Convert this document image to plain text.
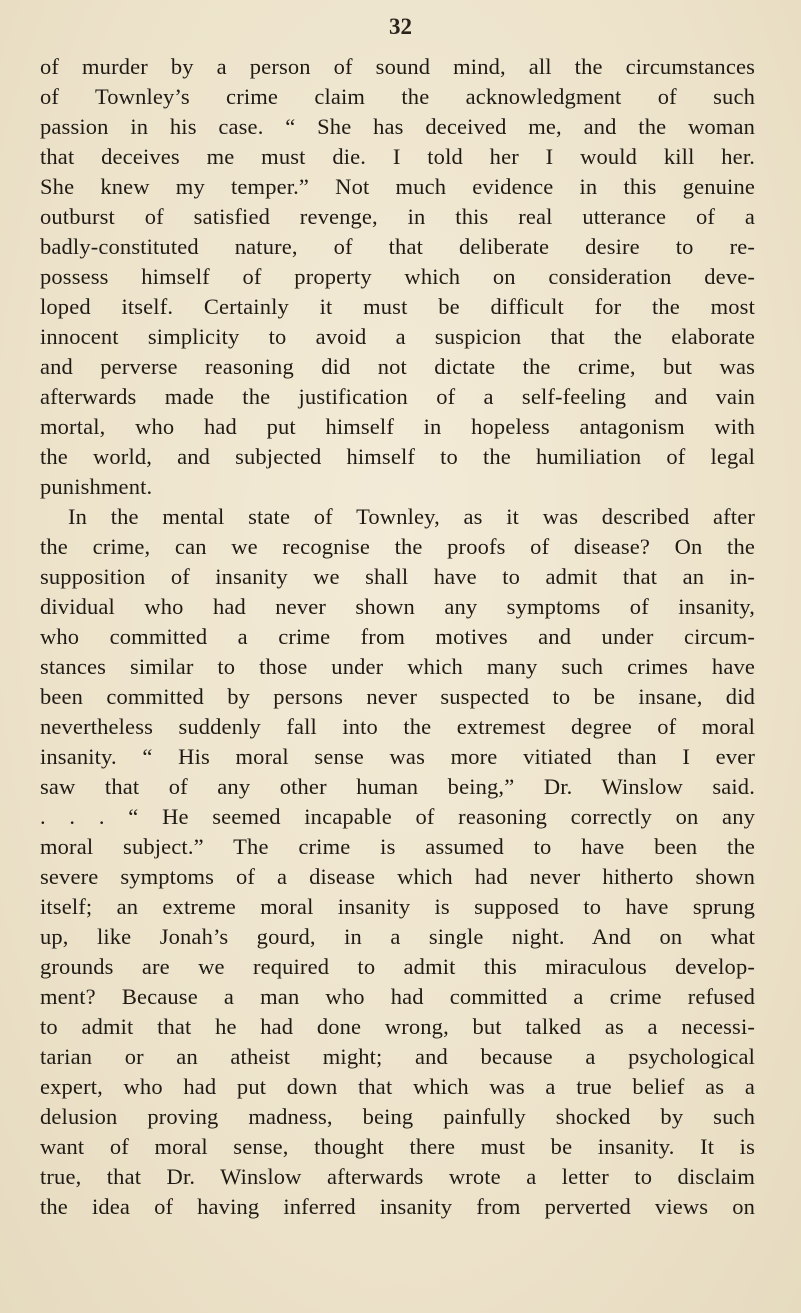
32
of murder by a person of sound mind, all the circumstances
of Townley’s crime claim the acknowledgment of such
passion in his case. “ She has deceived me, and the woman
that deceives me must die. I told her I would kill her.
She knew my temper.” Not much evidence in this genuine
outburst of satisfied revenge, in this real utterance of a
badly-constituted nature, of that deliberate desire to re-
possess himself of property which on consideration deve-
loped itself. Certainly it must be difficult for the most
innocent simplicity to avoid a suspicion that the elaborate
and perverse reasoning did not dictate the crime, but was
afterwards made the justification of a self-feeling and vain
mortal, who had put himself in hopeless antagonism with
the world, and subjected himself to the humiliation of legal
punishment.
In the mental state of Townley, as it was described after
the crime, can we recognise the proofs of disease? On the
supposition of insanity we shall have to admit that an in-
dividual who had never shown any symptoms of insanity,
who committed a crime from motives and under circum-
stances similar to those under which many such crimes have
been committed by persons never suspected to be insane, did
nevertheless suddenly fall into the extremest degree of moral
insanity. “ His moral sense was more vitiated than I ever
saw that of any other human being,” Dr. Winslow said.
. . . “ He seemed incapable of reasoning correctly on any
moral subject.” The crime is assumed to have been the
severe symptoms of a disease which had never hitherto shown
itself; an extreme moral insanity is supposed to have sprung
up, like Jonah’s gourd, in a single night. And on what
grounds are we required to admit this miraculous develop-
ment? Because a man who had committed a crime refused
to admit that he had done wrong, but talked as a necessi-
tarian or an atheist might; and because a psychological
expert, who had put down that which was a true belief as a
delusion proving madness, being painfully shocked by such
want of moral sense, thought there must be insanity. It is
true, that Dr. Winslow afterwards wrote a letter to disclaim
the idea of having inferred insanity from perverted views on
